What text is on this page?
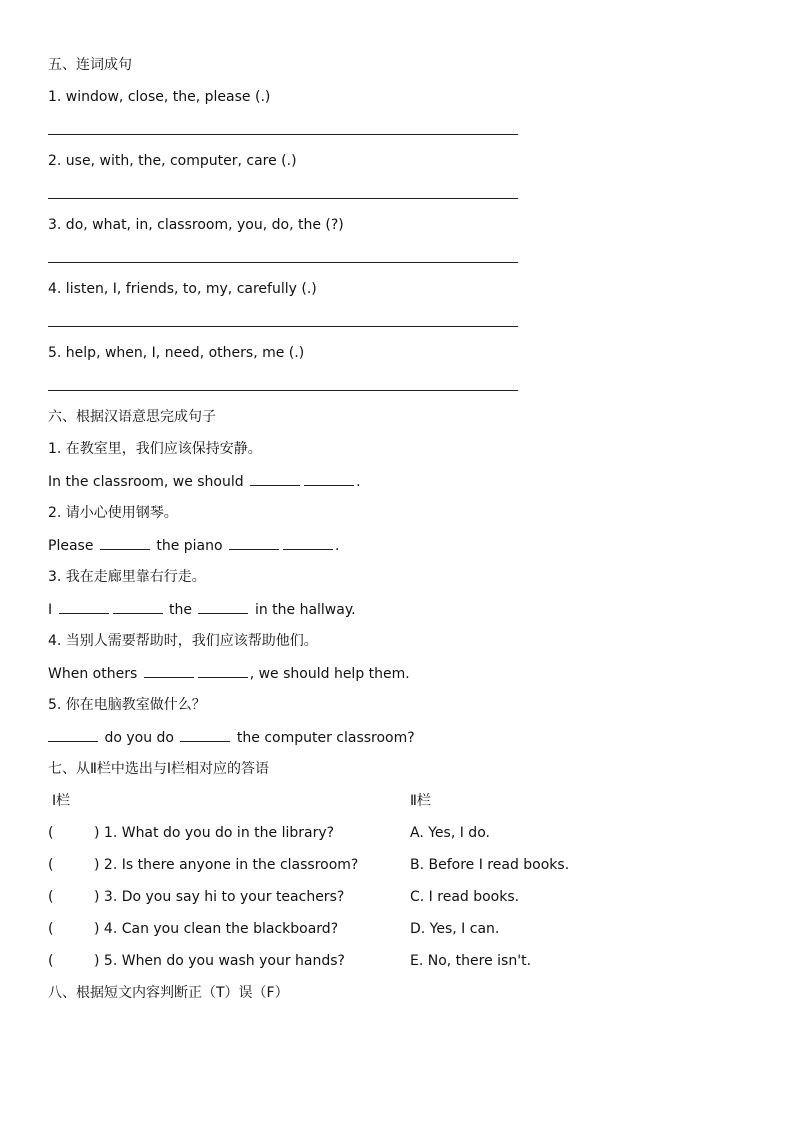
五、连词成句
1. window, close, the, please (.)
2. use, with, the, computer, care (.)
3. do, what, in, classroom, you, do, the (?)
4. listen, I, friends, to, my, carefully (.)
5. help, when, I, need, others, me (.)
六、根据汉语意思完成句子
1. 在教室里，我们应该保持安静。
In the classroom, we should	.
2. 请小心使用钢琴。
Please	the piano	.
3. 我在走廊里靠右行走。
I	the	in the hallway.
4. 当别人需要帮助时，我们应该帮助他们。
When others	, we should help them.
5. 你在电脑教室做什么？
do you do	the computer classroom?
七、从Ⅱ栏中选出与Ⅰ栏相对应的答语
Ⅰ栏	Ⅱ栏
(	) 1. What do you do in the library?	A. Yes, I do.
(	) 2. Is there anyone in the classroom?	B. Before I read books.
(	) 3. Do you say hi to your teachers?	C. I read books.
(	) 4. Can you clean the blackboard?	D. Yes, I can.
(	) 5. When do you wash your hands?	E. No, there isn't.
八、根据短文内容判断正（T）误（F）
